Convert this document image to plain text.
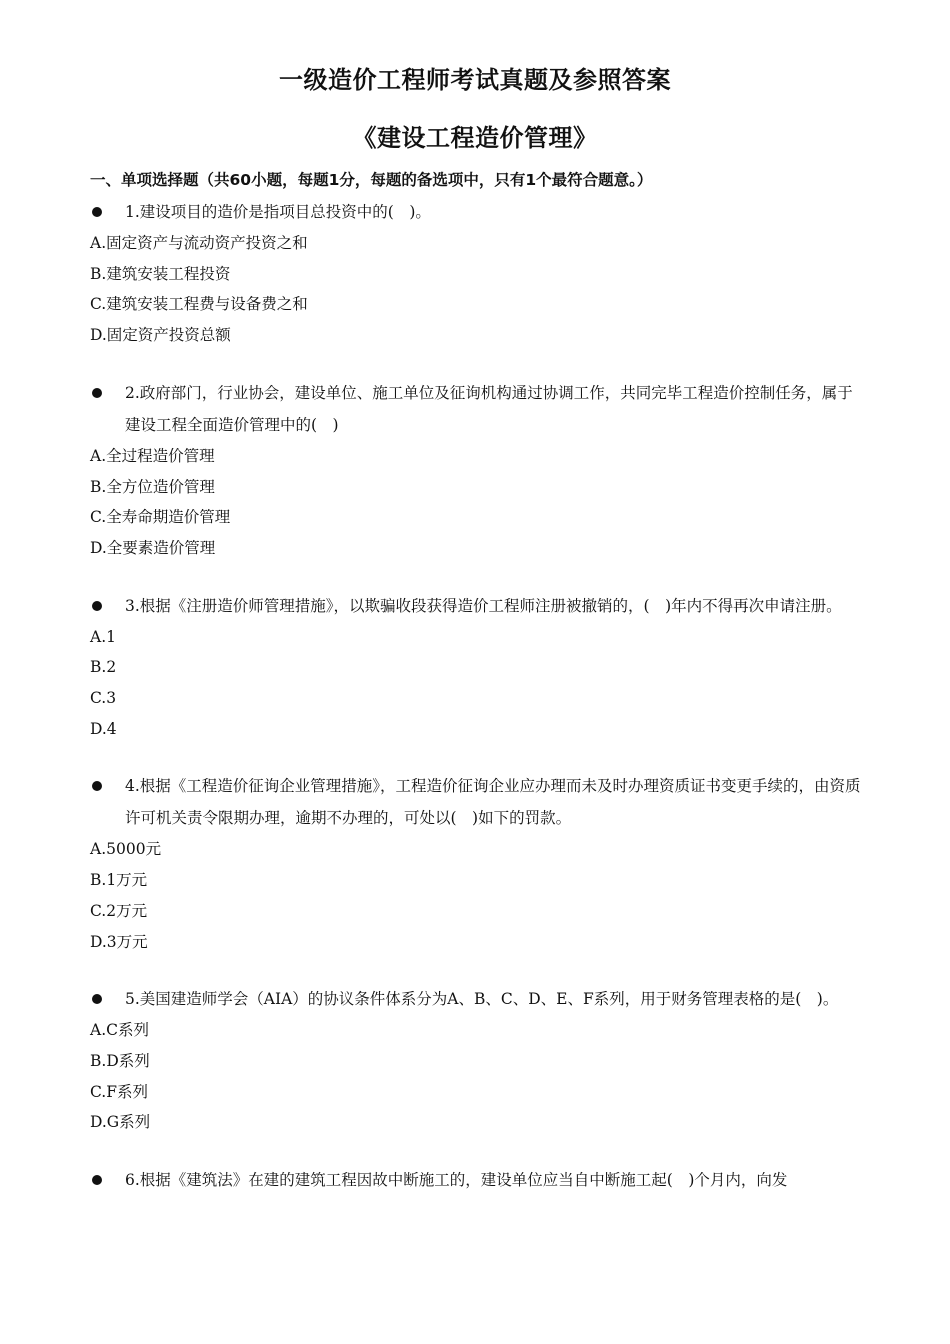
一级造价工程师考试真题及参照答案
《建设工程造价管理》
一、单项选择题（共60小题，每题1分，每题的备选项中，只有1个最符合题意。）
1.建设项目的造价是指项目总投资中的(　)。
A.固定资产与流动资产投资之和
B.建筑安装工程投资
C.建筑安装工程费与设备费之和
D.固定资产投资总额
2.政府部门，行业协会，建设单位、施工单位及征询机构通过协调工作，共同完毕工程造价控制任务，属于建设工程全面造价管理中的(　)
A.全过程造价管理
B.全方位造价管理
C.全寿命期造价管理
D.全要素造价管理
3.根据《注册造价师管理措施》，以欺骗收段获得造价工程师注册被撤销的，(　)年内不得再次申请注册。
A.1
B.2
C.3
D.4
4.根据《工程造价征询企业管理措施》，工程造价征询企业应办理而未及时办理资质证书变更手续的，由资质许可机关责令限期办理，逾期不办理的，可处以(　)如下的罚款。
A.5000元
B.1万元
C.2万元
D.3万元
5.美国建造师学会（AIA）的协议条件体系分为A、B、C、D、E、F系列，用于财务管理表格的是(　)。
A.C系列
B.D系列
C.F系列
D.G系列
6.根据《建筑法》在建的建筑工程因故中断施工的，建设单位应当自中断施工起(　)个月内，向发
